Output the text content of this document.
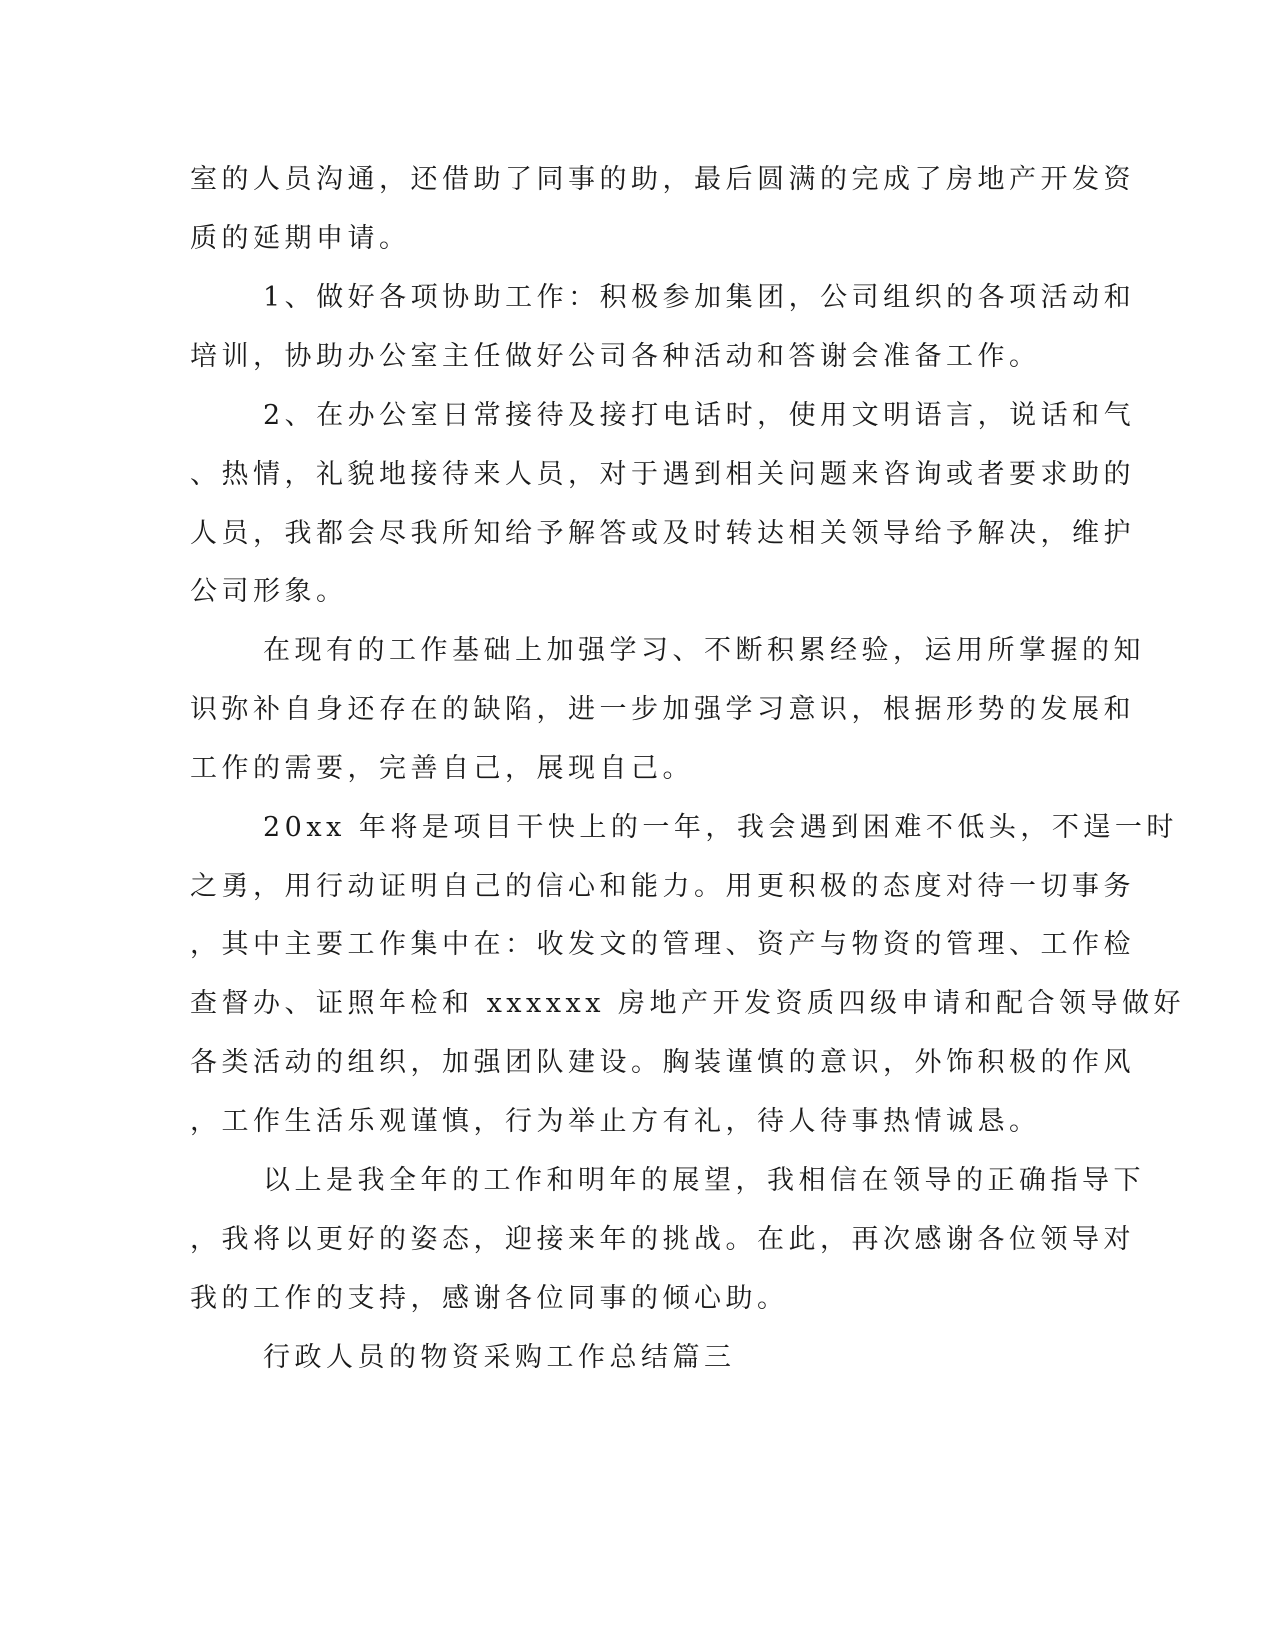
室的人员沟通，还借助了同事的助，最后圆满的完成了房地产开发资
质的延期申请。
1、做好各项协助工作：积极参加集团，公司组织的各项活动和
培训，协助办公室主任做好公司各种活动和答谢会准备工作。
2、在办公室日常接待及接打电话时，使用文明语言，说话和气
、热情，礼貌地接待来人员，对于遇到相关问题来咨询或者要求助的
人员，我都会尽我所知给予解答或及时转达相关领导给予解决，维护
公司形象。
在现有的工作基础上加强学习、不断积累经验，运用所掌握的知
识弥补自身还存在的缺陷，进一步加强学习意识，根据形势的发展和
工作的需要，完善自己，展现自己。
20xx 年将是项目干快上的一年，我会遇到困难不低头，不逞一时
之勇，用行动证明自己的信心和能力。用更积极的态度对待一切事务
，其中主要工作集中在：收发文的管理、资产与物资的管理、工作检
查督办、证照年检和 xxxxxx 房地产开发资质四级申请和配合领导做好
各类活动的组织，加强团队建设。胸装谨慎的意识，外饰积极的作风
，工作生活乐观谨慎，行为举止方有礼，待人待事热情诚恳。
以上是我全年的工作和明年的展望，我相信在领导的正确指导下
，我将以更好的姿态，迎接来年的挑战。在此，再次感谢各位领导对
我的工作的支持，感谢各位同事的倾心助。
行政人员的物资采购工作总结篇三
